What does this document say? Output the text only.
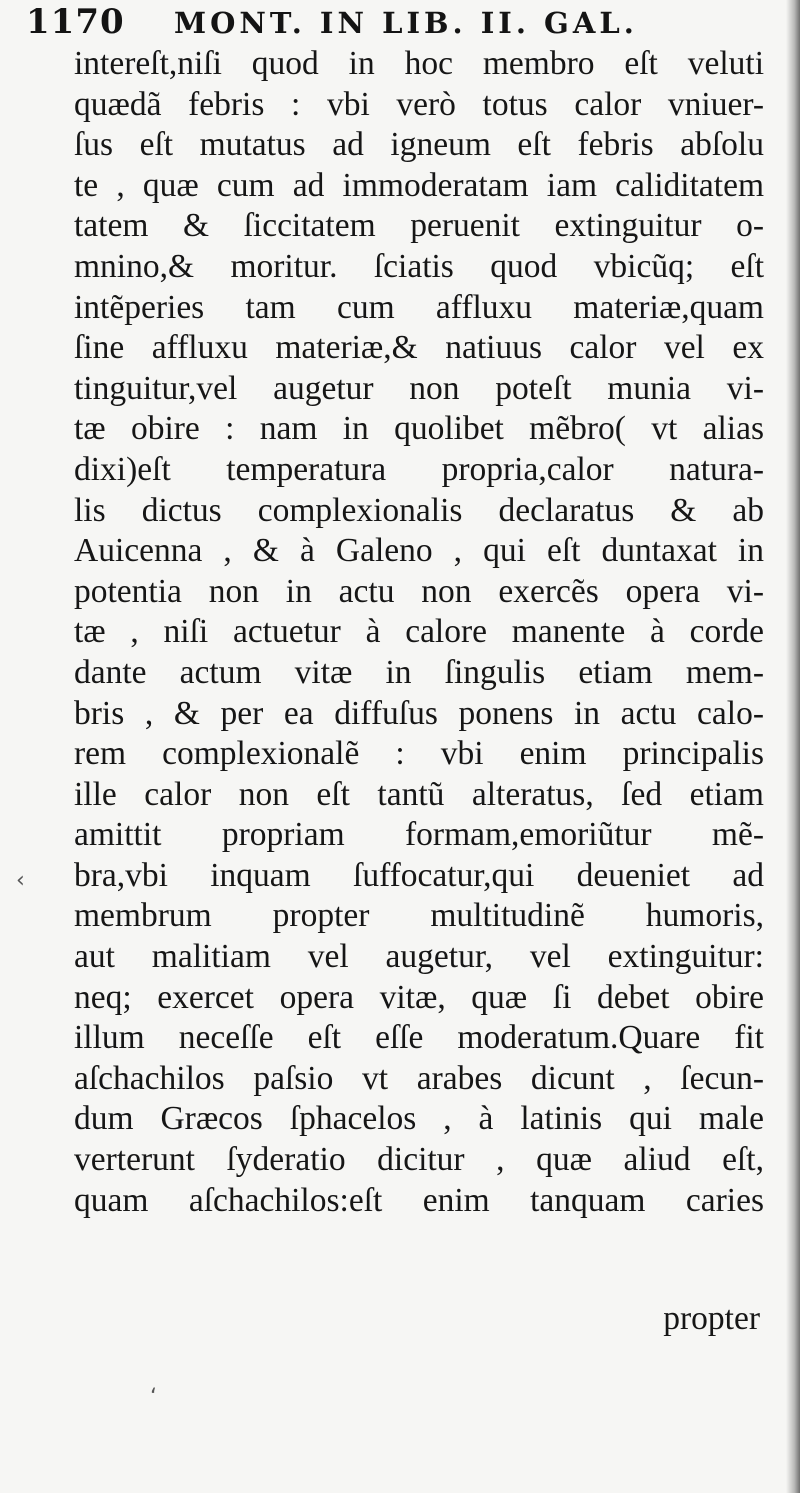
1170 MONT. IN LIB. II. GAL.
intereſt,niſi quod in hoc membro eſt veluti
quædã febris : vbi verò totus calor vniuer-
ſus eſt mutatus ad igneum eſt febris abſolu
te , quæ cum ad immoderatam iam caliditatem
tatem & ſiccitatem peruenit extinguitur o-
mnino,& moritur. ſciatis quod vbicũq; eſt
intẽperies tam cum affluxu materiæ,quam
ſine affluxu materiæ,& natiuus calor vel ex
tinguitur,vel augetur non poteſt munia vi-
tæ obire : nam in quolibet mẽbro( vt alias
dixi)eſt temperatura propria,calor natura-
lis dictus complexionalis declaratus & ab
Auicenna , & à Galeno , qui eſt duntaxat in
potentia non in actu non exercẽs opera vi-
tæ , niſi actuetur à calore manente à corde
dante actum vitæ in ſingulis etiam mem-
bris , & per ea diffuſus ponens in actu calo-
rem complexionalẽ : vbi enim principalis
ille calor non eſt tantũ alteratus, ſed etiam
amittit propriam formam,emoriũtur mẽ-
bra,vbi inquam ſuffocatur,qui deueniet ad
membrum propter multitudinẽ humoris,
aut malitiam vel augetur, vel extinguitur:
neq; exercet opera vitæ, quæ ſi debet obire
illum neceſſe eſt eſſe moderatum.Quare fit
aſchachilos paſsio vt arabes dicunt , ſecun-
dum Græcos ſphacelos , à latinis qui male
verterunt ſyderatio dicitur , quæ aliud eſt,
quam aſchachilos:eſt enim tanquam caries
propter
‹
‘
